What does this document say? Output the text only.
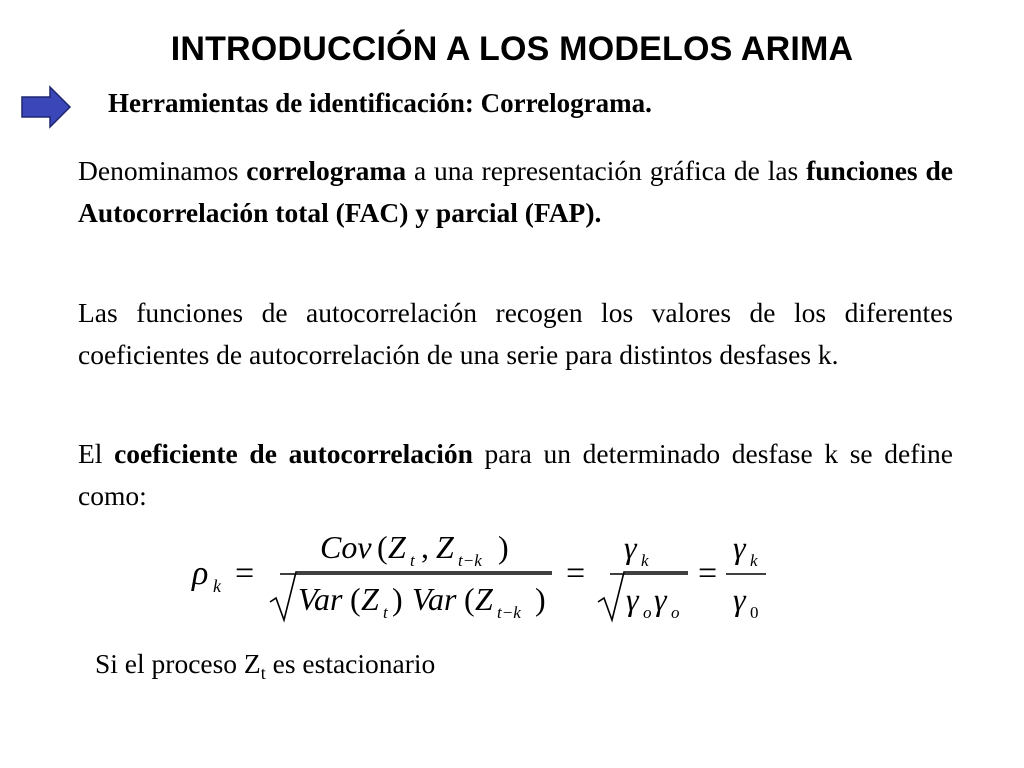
INTRODUCCIÓN A LOS MODELOS ARIMA
Herramientas de identificación: Correlograma.
Denominamos correlograma a una representación gráfica de las funciones de Autocorrelación total (FAC) y parcial (FAP).
Las funciones de autocorrelación recogen los valores de los diferentes coeficientes de autocorrelación de una serie para distintos desfases k.
El coeficiente de autocorrelación para un determinado desfase k se define como:
ρ k =
Cov ( Z t , Z t−k )
Var ( Z t ) Var ( Z t−k )
=
γ k
γ o γ o
=
γ k
γ 0
Si el proceso $Z_t$ es estacionario
